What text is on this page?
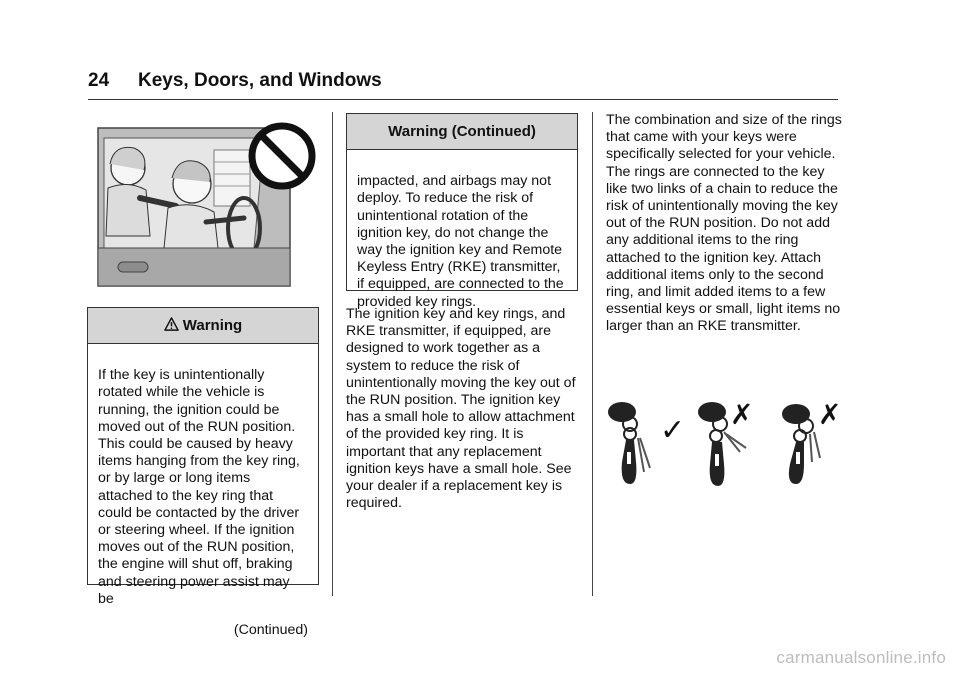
24 Keys, Doors, and Windows
Warning

If the key is unintentionally rotated while the vehicle is running, the ignition could be moved out of the RUN position. This could be caused by heavy items hanging from the key ring, or by large or long items attached to the key ring that could be contacted by the driver or steering wheel. If the ignition moves out of the RUN position, the engine will shut off, braking and steering power assist may be

(Continued)

Warning (Continued)

impacted, and airbags may not deploy. To reduce the risk of unintentional rotation of the ignition key, do not change the way the ignition key and Remote Keyless Entry (RKE) transmitter, if equipped, are connected to the provided key rings.

The ignition key and key rings, and RKE transmitter, if equipped, are designed to work together as a system to reduce the risk of unintentionally moving the key out of the RUN position. The ignition key has a small hole to allow attachment of the provided key ring. It is important that any replacement ignition keys have a small hole. See your dealer if a replacement key is required.

The combination and size of the rings that came with your keys were specifically selected for your vehicle. The rings are connected to the key like two links of a chain to reduce the risk of unintentionally moving the key out of the RUN position. Do not add any additional items to the ring attached to the ignition key. Attach additional items only to the second ring, and limit added items to a few essential keys or small, light items no larger than an RKE transmitter.

✓ ✗ ✗
carmanualsonline.info
